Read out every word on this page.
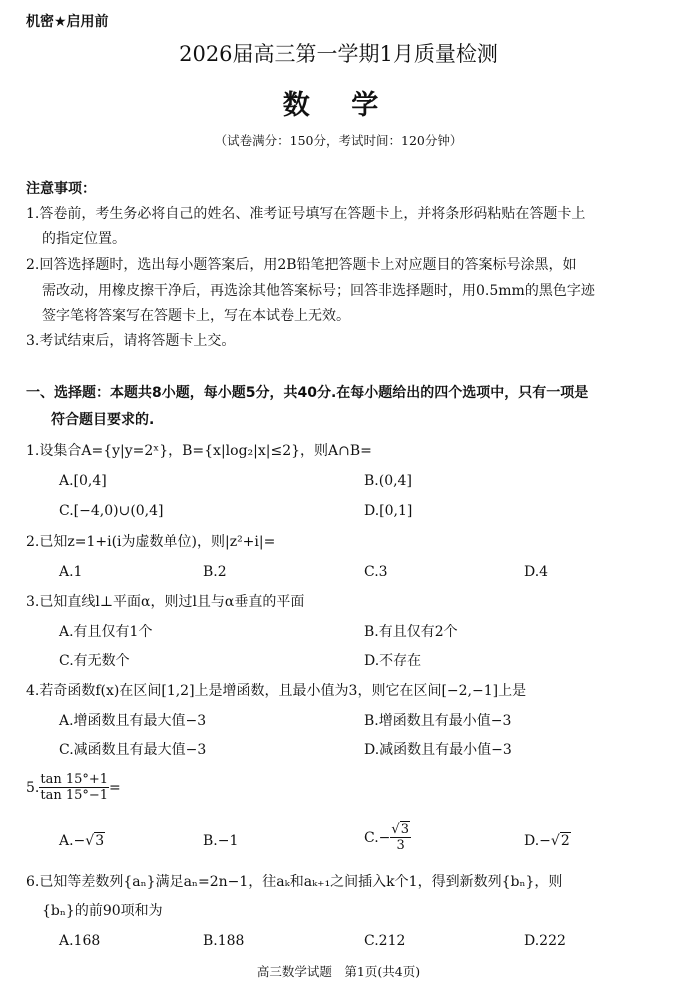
机密★启用前
2026届高三第一学期1月质量检测
数 学
（试卷满分：150分，考试时间：120分钟）
注意事项：
1.答卷前，考生务必将自己的姓名、准考证号填写在答题卡上，并将条形码粘贴在答题卡上
的指定位置。
2.回答选择题时，选出每小题答案后，用2B铅笔把答题卡上对应题目的答案标号涂黑，如
需改动，用橡皮擦干净后，再选涂其他答案标号；回答非选择题时，用0.5mm的黑色字迹
签字笔将答案写在答题卡上，写在本试卷上无效。
3.考试结束后，请将答题卡上交。
一、选择题：本题共8小题，每小题5分，共40分.在每小题给出的四个选项中，只有一项是
符合题目要求的.
1.设集合A={y|y=2ˣ}，B={x|log₂|x|≤2}，则A∩B=
A.[0,4]	B.(0,4]
C.[−4,0)∪(0,4]	D.[0,1]
2.已知z=1+i(i为虚数单位)，则|z²+i|=
A.1	B.2	C.3	D.4
3.已知直线l⊥平面α，则过l且与α垂直的平面
A.有且仅有1个	B.有且仅有2个
C.有无数个	D.不存在
4.若奇函数f(x)在区间[1,2]上是增函数，且最小值为3，则它在区间[−2,−1]上是
A.增函数且有最大值−3	B.增函数且有最小值−3
C.减函数且有最大值−3	D.减函数且有最小值−3
5. $\frac{\tan 15^\circ+1}{\tan 15^\circ-1}$ =
A.−√3	B.−1	$C.- \frac{√3}{3}$	D.−√2
6.已知等差数列{aₙ}满足aₙ=2n−1，往aₖ和aₖ₊₁之间插入k个1，得到新数列{bₙ}，则
{bₙ}的前90项和为
A.168	B.188	C.212	D.222
高三数学试题　第1页(共4页)
